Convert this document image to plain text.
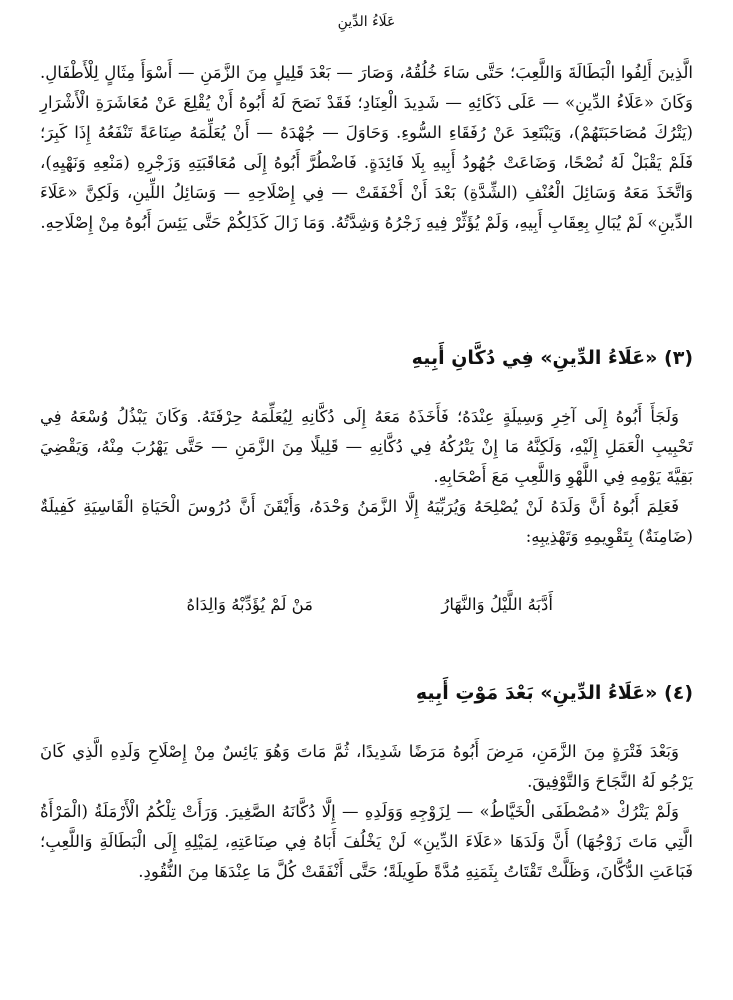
عَلَاءُ الدِّينِ

الَّذِينَ أَلِفُوا الْبَطَالَةَ وَاللَّعِبَ؛ حَتَّى سَاءَ خُلُقُهُ، وَصَارَ — بَعْدَ قَلِيلٍ مِنَ الزَّمَنِ — أَسْوَأَ مِثَالٍ لِلْأَطْفَالِ. وَكَانَ «عَلَاءُ الدِّينِ» — عَلَى ذَكَائِهِ — شَدِيدَ الْعِنَادِ؛ فَقَدْ نَصَحَ لَهُ أَبُوهُ أَنْ يُقْلِعَ عَنْ مُعَاشَرَةِ الْأَشْرَارِ (يَتْرُكَ مُصَاحَبَتَهُمْ)، وَيَبْتَعِدَ عَنْ رُفَقَاءِ السُّوءِ. وَحَاوَلَ — جُهْدَهُ — أَنْ يُعَلِّمَهُ صِنَاعَةً تَنْفَعُهُ إِذَا كَبِرَ؛ فَلَمْ يَقْبَلْ لَهُ نُصْحًا، وَضَاعَتْ جُهُودُ أَبِيهِ بِلَا فَائِدَةٍ. فَاضْطُرَّ أَبُوهُ إِلَى مُعَاقَبَتِهِ وَزَجْرِهِ (مَنْعِهِ وَنَهْيِهِ)، وَاتَّخَذَ مَعَهُ وَسَائِلَ الْعُنْفِ (الشِّدَّةِ) بَعْدَ أَنْ أَخْفَقَتْ — فِي إِصْلَاحِهِ — وَسَائِلُ اللِّينِ، وَلَكِنَّ «عَلَاءَ الدِّينِ» لَمْ يُبَالِ بِعِقَابِ أَبِيهِ، وَلَمْ يُؤَثِّرْ فِيهِ زَجْرُهُ وَشِدَّتُهُ. وَمَا زَالَ كَذَلِكُمْ حَتَّى يَئِسَ أَبُوهُ مِنْ إِصْلَاحِهِ.

(٣) «عَلَاءُ الدِّينِ» فِي دُكَّانِ أَبِيهِ

وَلَجَأَ أَبُوهُ إِلَى آخِرِ وَسِيلَةٍ عِنْدَهُ؛ فَأَخَذَهُ مَعَهُ إِلَى دُكَّانِهِ لِيُعَلِّمَهُ حِرْفَتَهُ. وَكَانَ يَبْذُلُ وُسْعَهُ فِي تَحْبِيبِ الْعَمَلِ إِلَيْهِ، وَلَكِنَّهُ مَا إِنْ يَتْرُكُهُ فِي دُكَّانِهِ — قَلِيلًا مِنَ الزَّمَنِ — حَتَّى يَهْرُبَ مِنْهُ، وَيَقْضِيَ بَقِيَّةَ يَوْمِهِ فِي اللَّهْوِ وَاللَّعِبِ مَعَ أَصْحَابِهِ.

فَعَلِمَ أَبُوهُ أَنَّ وَلَدَهُ لَنْ يُصْلِحَهُ وَيُرَبِّيَهُ إِلَّا الزَّمَنُ وَحْدَهُ، وَأَيْقَنَ أَنَّ دُرُوسَ الْحَيَاةِ الْقَاسِيَةِ كَفِيلَةٌ (ضَامِنَةٌ) بِتَقْوِيمِهِ وَتَهْذِيبِهِ:

مَنْ لَمْ يُؤَدِّبْهُ وَالِدَاهُ	أَدَّبَهُ اللَّيْلُ وَالنَّهَارُ
(٤) «عَلَاءُ الدِّينِ» بَعْدَ مَوْتِ أَبِيهِ

وَبَعْدَ فَتْرَةٍ مِنَ الزَّمَنِ، مَرِضَ أَبُوهُ مَرَضًا شَدِيدًا، ثُمَّ مَاتَ وَهُوَ يَائِسٌ مِنْ إِصْلَاحِ وَلَدِهِ الَّذِي كَانَ يَرْجُو لَهُ النَّجَاحَ وَالتَّوْفِيقَ.

وَلَمْ يَتْرُكْ «مُصْطَفَى الْخَيَّاطُ» — لِزَوْجِهِ وَوَلَدِهِ — إِلَّا دُكَّانَهُ الصَّغِيرَ. وَرَأَتْ تِلْكُمُ الْأَرْمَلَةُ (الْمَرْأَةُ الَّتِي مَاتَ زَوْجُهَا) أَنَّ وَلَدَهَا «عَلَاءَ الدِّينِ» لَنْ يَخْلُفَ أَبَاهُ فِي صِنَاعَتِهِ، لِمَيْلِهِ إِلَى الْبَطَالَةِ وَاللَّعِبِ؛ فَبَاعَتِ الدُّكَّانَ، وَظَلَّتْ تَقْتَاتُ بِثَمَنِهِ مُدَّةً طَوِيلَةً؛ حَتَّى أَنْفَقَتْ كُلَّ مَا عِنْدَهَا مِنَ النُّقُودِ.
